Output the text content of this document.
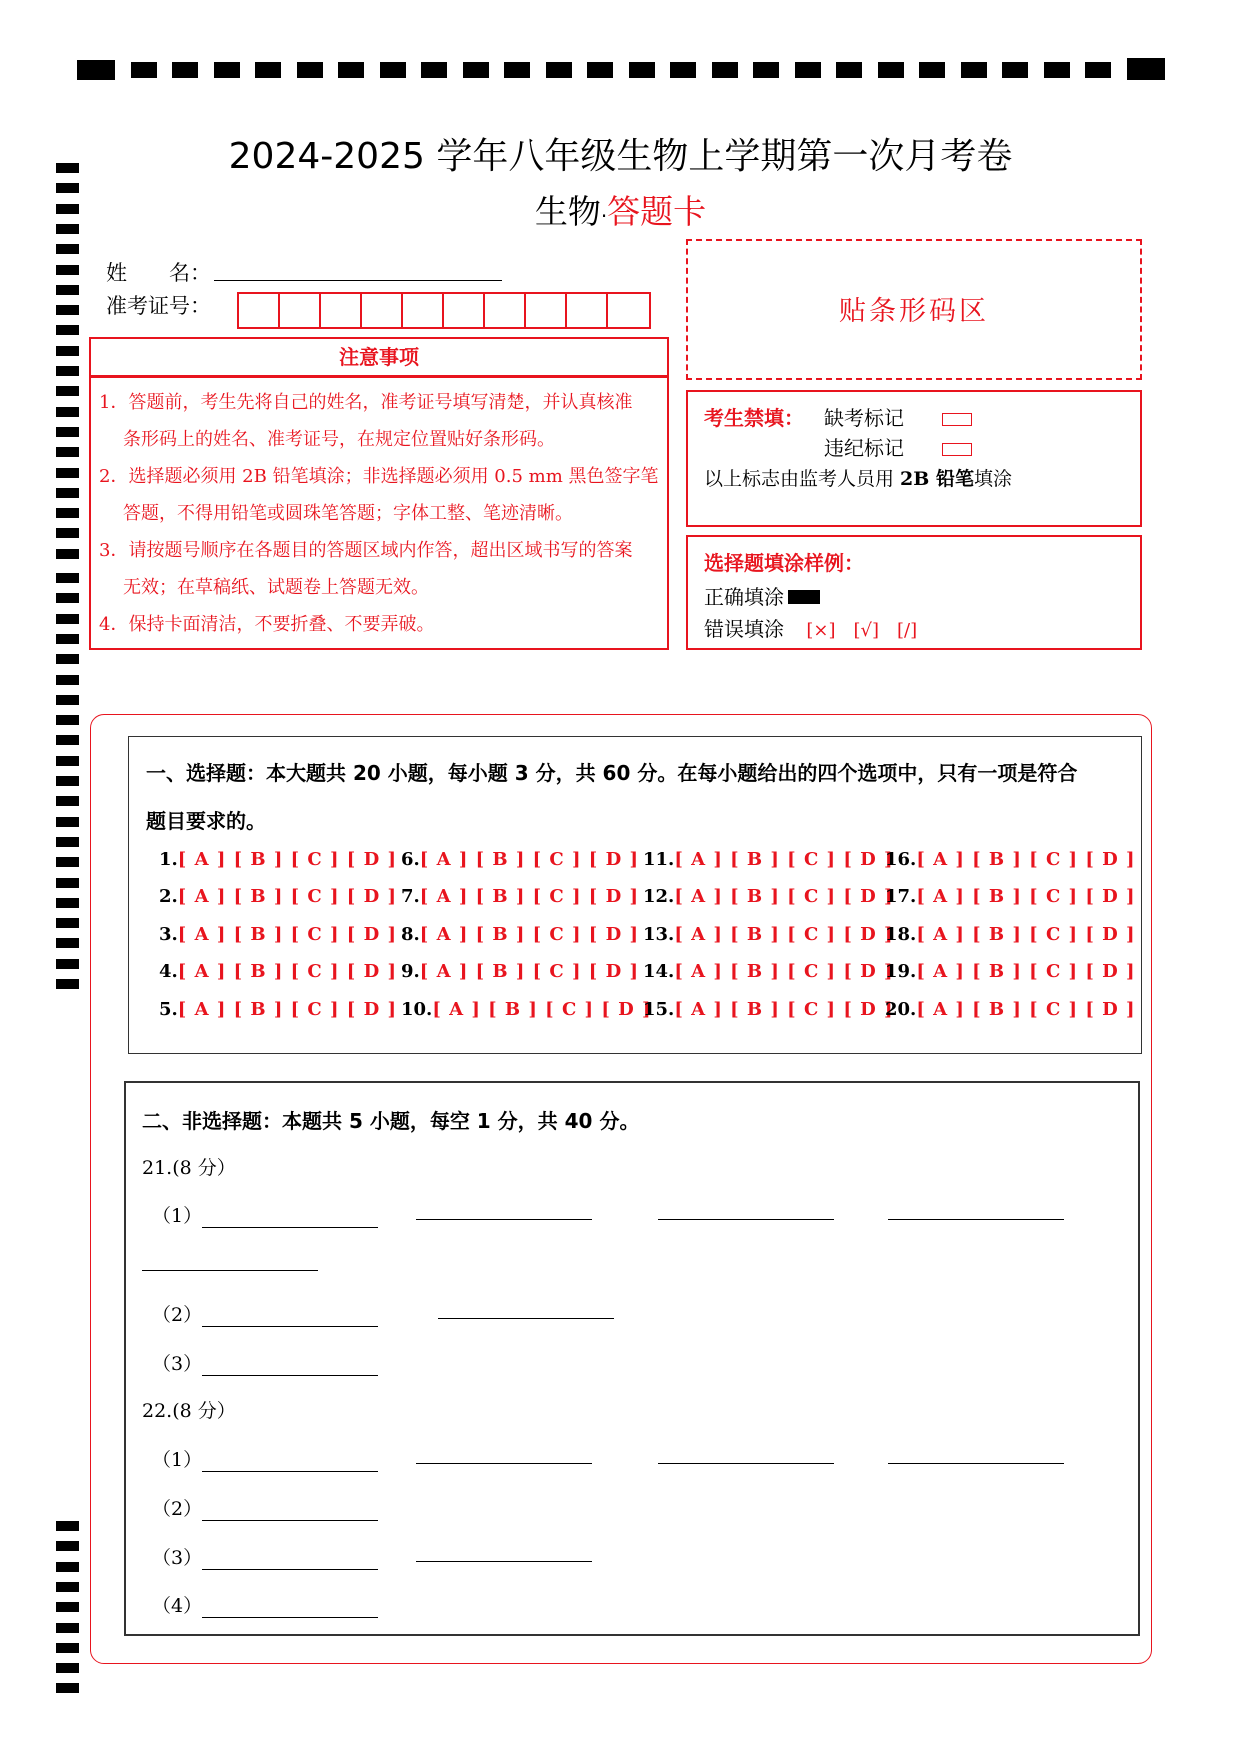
2024-2025 学年八年级生物上学期第一次月考卷
生物·答题卡
姓　　名：
准考证号：	贴条形码区
注意事项

1．答题前，考生先将自己的姓名，准考证号填写清楚，并认真核准

条形码上的姓名、准考证号，在规定位置贴好条形码。

2．选择题必须用 2B 铅笔填涂；非选择题必须用 0.5 mm 黑色签字笔

答题，不得用铅笔或圆珠笔答题；字体工整、笔迹清晰。

3．请按题号顺序在各题目的答题区域内作答，超出区域书写的答案

无效；在草稿纸、试题卷上答题无效。

4．保持卡面清洁，不要折叠、不要弄破。

考生禁填： 缺考标记
违纪标记
以上标志由监考人员用 2B 铅笔填涂
选择题填涂样例：
正确填涂
错误填涂 [×]　[√]　[/]
一、选择题：本大题共 20 小题，每小题 3 分，共 60 分。在每小题给出的四个选项中，只有一项是符合
题目要求的。
1.[ A ] [ B ] [ C ] [ D ]
2.[ A ] [ B ] [ C ] [ D ]
3.[ A ] [ B ] [ C ] [ D ]
4.[ A ] [ B ] [ C ] [ D ]
5.[ A ] [ B ] [ C ] [ D ]
6.[ A ] [ B ] [ C ] [ D ]
7.[ A ] [ B ] [ C ] [ D ]
8.[ A ] [ B ] [ C ] [ D ]
9.[ A ] [ B ] [ C ] [ D ]
10.[ A ] [ B ] [ C ] [ D ]
11.[ A ] [ B ] [ C ] [ D ]
12.[ A ] [ B ] [ C ] [ D ]
13.[ A ] [ B ] [ C ] [ D ]
14.[ A ] [ B ] [ C ] [ D ]
15.[ A ] [ B ] [ C ] [ D ]
16.[ A ] [ B ] [ C ] [ D ]
17.[ A ] [ B ] [ C ] [ D ]
18.[ A ] [ B ] [ C ] [ D ]
19.[ A ] [ B ] [ C ] [ D ]
20.[ A ] [ B ] [ C ] [ D ]
二、非选择题：本题共 5 小题，每空 1 分，共 40 分。
21.(8 分）
（1）
（2）
（3）
22.(8 分）
（1）
（2）
（3）
（4）
